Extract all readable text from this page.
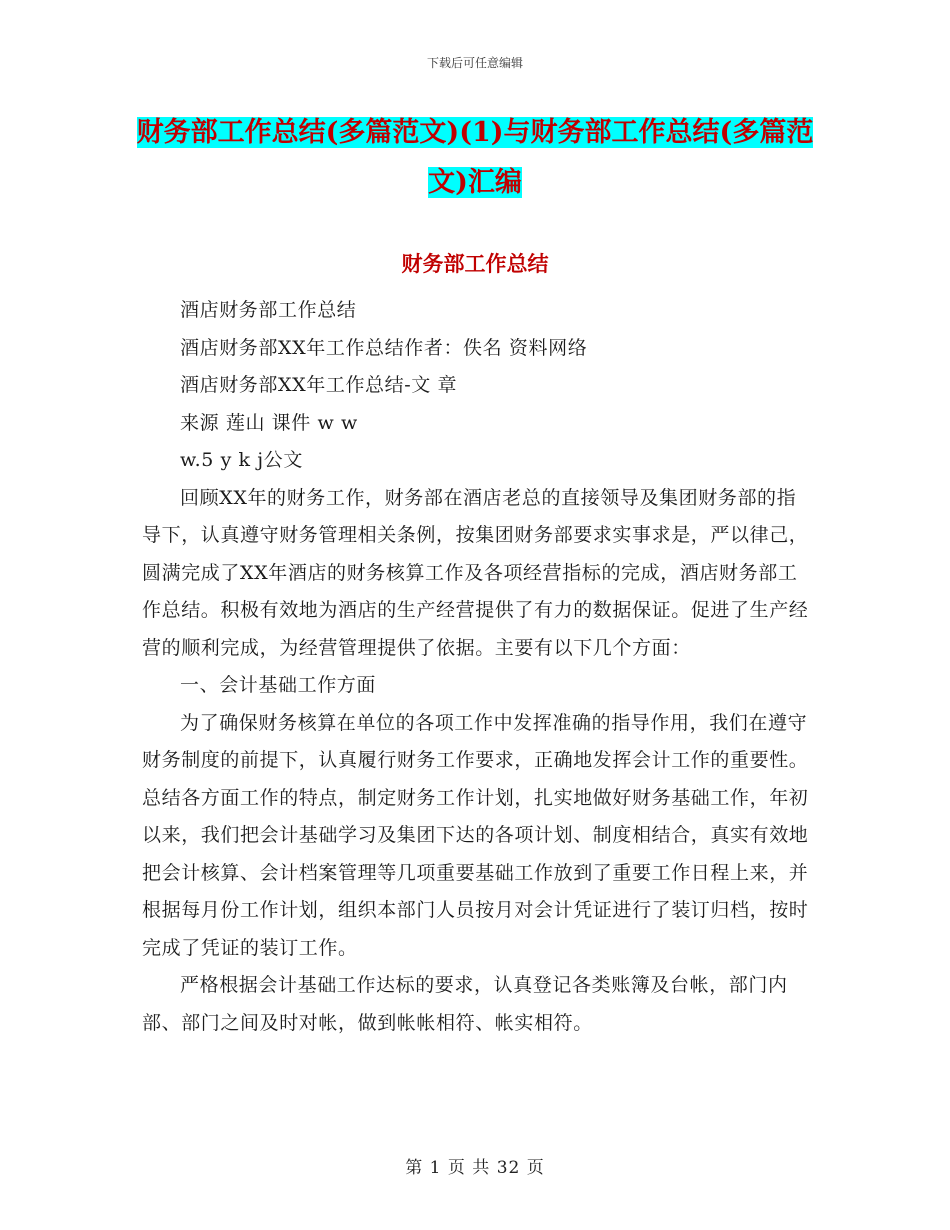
下载后可任意编辑
财务部工作总结(多篇范文)(1)与财务部工作总结(多篇范文)汇编
财务部工作总结

酒店财务部工作总结

酒店财务部XX年工作总结作者：佚名 资料网络

酒店财务部XX年工作总结-文 章

来源 莲山 课件 w w

w.5 y k j公文

回顾XX年的财务工作，财务部在酒店老总的直接领导及集团财务部的指导下，认真遵守财务管理相关条例，按集团财务部要求实事求是，严以律己，圆满完成了XX年酒店的财务核算工作及各项经营指标的完成，酒店财务部工作总结。积极有效地为酒店的生产经营提供了有力的数据保证。促进了生产经营的顺利完成，为经营管理提供了依据。主要有以下几个方面：

一、会计基础工作方面

为了确保财务核算在单位的各项工作中发挥准确的指导作用，我们在遵守财务制度的前提下，认真履行财务工作要求，正确地发挥会计工作的重要性。总结各方面工作的特点，制定财务工作计划，扎实地做好财务基础工作，年初以来，我们把会计基础学习及集团下达的各项计划、制度相结合，真实有效地把会计核算、会计档案管理等几项重要基础工作放到了重要工作日程上来，并根据每月份工作计划，组织本部门人员按月对会计凭证进行了装订归档，按时完成了凭证的装订工作。

严格根据会计基础工作达标的要求，认真登记各类账簿及台帐，部门内部、部门之间及时对帐，做到帐帐相符、帐实相符。

第 1 页 共 32 页
